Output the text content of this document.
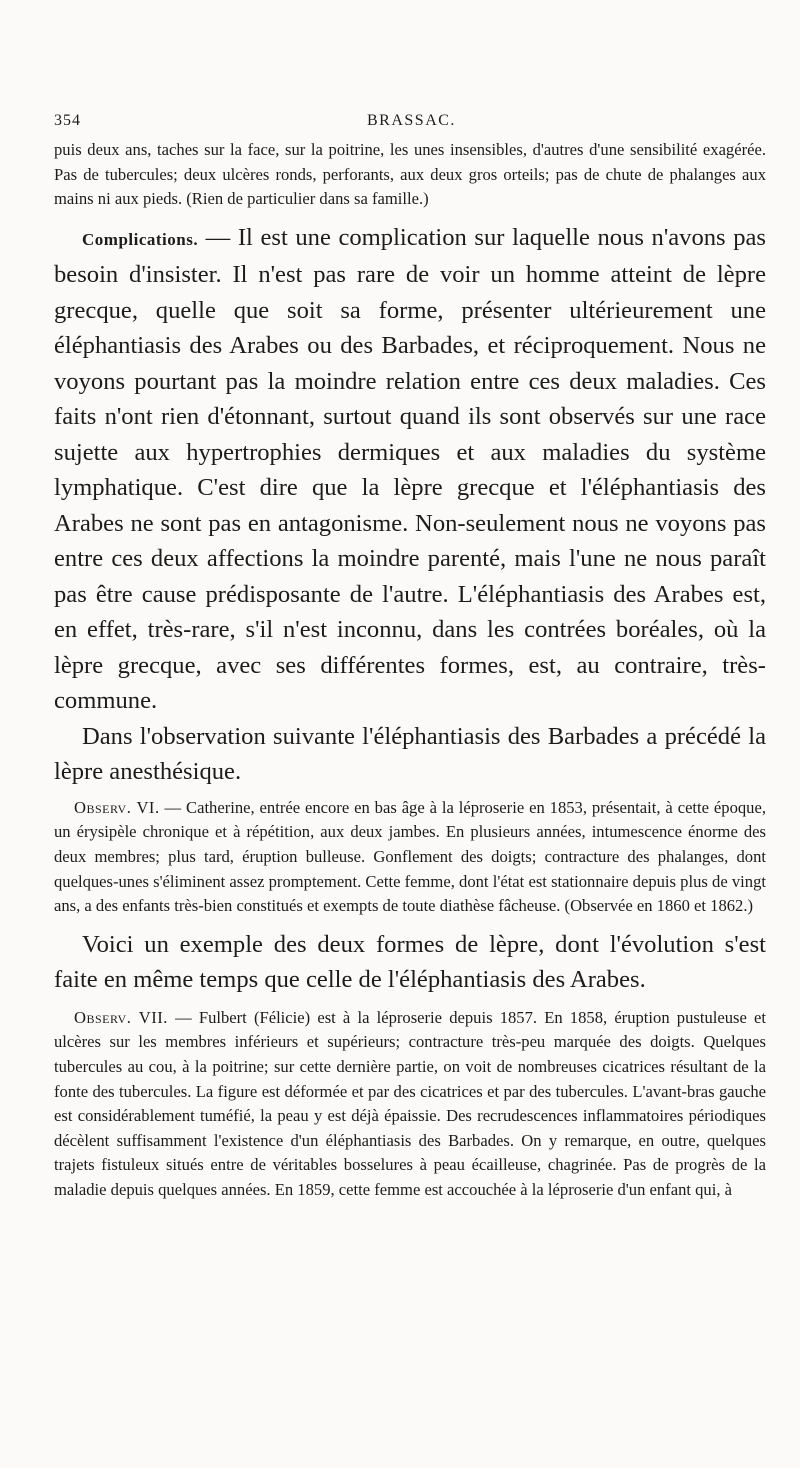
354	BRASSAC.

puis deux ans, taches sur la face, sur la poitrine, les unes insensibles, d'autres d'une sensibilité exagérée. Pas de tubercules; deux ulcères ronds, perforants, aux deux gros orteils; pas de chute de phalanges aux mains ni aux pieds. (Rien de particulier dans sa famille.)

Complications. — Il est une complication sur laquelle nous n'avons pas besoin d'insister. Il n'est pas rare de voir un homme atteint de lèpre grecque, quelle que soit sa forme, présenter ultérieurement une éléphantiasis des Arabes ou des Barbades, et réciproquement. Nous ne voyons pourtant pas la moindre relation entre ces deux maladies. Ces faits n'ont rien d'étonnant, surtout quand ils sont observés sur une race sujette aux hypertrophies dermiques et aux maladies du système lymphatique. C'est dire que la lèpre grecque et l'éléphantiasis des Arabes ne sont pas en antagonisme. Non-seulement nous ne voyons pas entre ces deux affections la moindre parenté, mais l'une ne nous paraît pas être cause prédisposante de l'autre. L'éléphantiasis des Arabes est, en effet, très-rare, s'il n'est inconnu, dans les contrées boréales, où la lèpre grecque, avec ses différentes formes, est, au contraire, très-commune.

Dans l'observation suivante l'éléphantiasis des Barbades a précédé la lèpre anesthésique.

Observ. VI. — Catherine, entrée encore en bas âge à la léproserie en 1853, présentait, à cette époque, un érysipèle chronique et à répétition, aux deux jambes. En plusieurs années, intumescence énorme des deux membres; plus tard, éruption bulleuse. Gonflement des doigts; contracture des phalanges, dont quelques-unes s'éliminent assez promptement. Cette femme, dont l'état est stationnaire depuis plus de vingt ans, a des enfants très-bien constitués et exempts de toute diathèse fâcheuse. (Observée en 1860 et 1862.)

Voici un exemple des deux formes de lèpre, dont l'évolution s'est faite en même temps que celle de l'éléphantiasis des Arabes.

Observ. VII. — Fulbert (Félicie) est à la léproserie depuis 1857. En 1858, éruption pustuleuse et ulcères sur les membres inférieurs et supérieurs; contracture très-peu marquée des doigts. Quelques tubercules au cou, à la poitrine; sur cette dernière partie, on voit de nombreuses cicatrices résultant de la fonte des tubercules. La figure est déformée et par des cicatrices et par des tubercules. L'avant-bras gauche est considérablement tuméfié, la peau y est déjà épaissie. Des recrudescences inflammatoires périodiques décèlent suffisamment l'existence d'un éléphantiasis des Barbades. On y remarque, en outre, quelques trajets fistuleux situés entre de véritables bosselures à peau écailleuse, chagrinée. Pas de progrès de la maladie depuis quelques années. En 1859, cette femme est accouchée à la léproserie d'un enfant qui, à
